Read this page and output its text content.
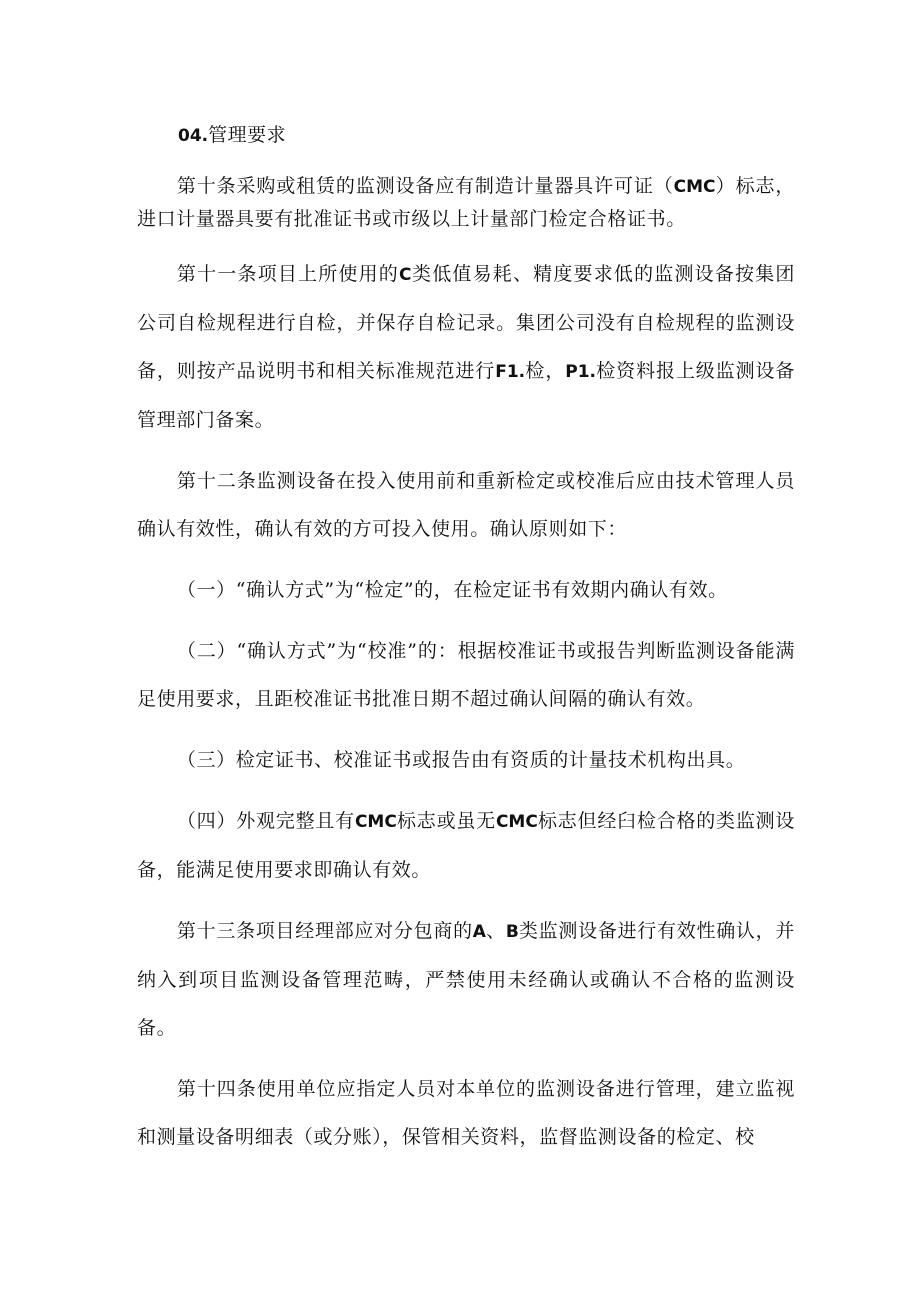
04.管理要求

第十条采购或租赁的监测设备应有制造计量器具许可证（CMC）标志，进口计量器具要有批准证书或市级以上计量部门检定合格证书。

第十一条项目上所使用的C类低值易耗、精度要求低的监测设备按集团公司自检规程进行自检，并保存自检记录。集团公司没有自检规程的监测设备，则按产品说明书和相关标准规范进行F1.检，P1.检资料报上级监测设备管理部门备案。

第十二条监测设备在投入使用前和重新检定或校准后应由技术管理人员确认有效性，确认有效的方可投入使用。确认原则如下：

（一）“确认方式”为“检定”的，在检定证书有效期内确认有效。

（二）“确认方式”为“校准”的：根据校准证书或报告判断监测设备能满足使用要求，且距校准证书批准日期不超过确认间隔的确认有效。

（三）检定证书、校准证书或报告由有资质的计量技术机构出具。

（四）外观完整且有CMC标志或虽无CMC标志但经臼检合格的类监测设备，能满足使用要求即确认有效。

第十三条项目经理部应对分包商的A、B类监测设备进行有效性确认，并纳入到项目监测设备管理范畴，严禁使用未经确认或确认不合格的监测设备。

第十四条使用单位应指定人员对本单位的监测设备进行管理，建立监视和测量设备明细表（或分账），保管相关资料，监督监测设备的检定、校
